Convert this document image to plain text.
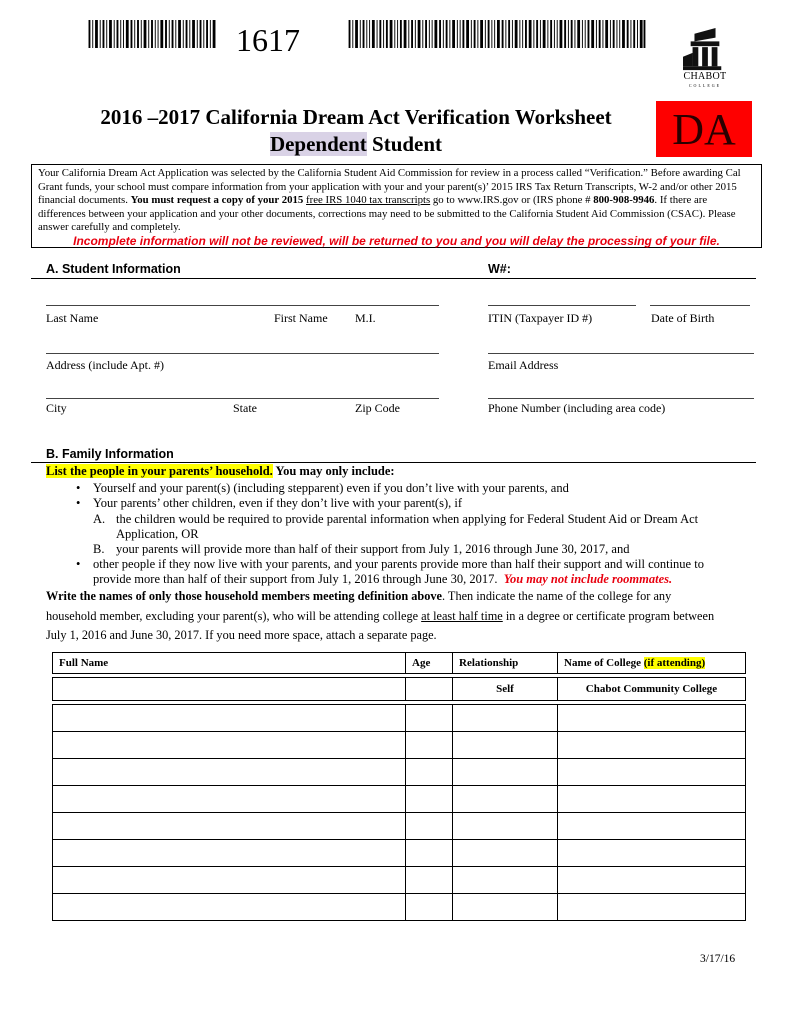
1617
CHABOT
COLLEGE
2016 –2017 California Dream Act Verification Worksheet
Dependent Student	DA
Your California Dream Act Application was selected by the California Student Aid Commission for review in a process called “Verification.” Before awarding Cal Grant funds, your school must compare information from your application with your and your parent(s)’ 2015 IRS Tax Return Transcripts, W-2 and/or other 2015 financial documents. You must request a copy of your 2015 free IRS 1040 tax transcripts go to www.IRS.gov or (IRS phone # 800-908-9946. If there are differences between your application and your other documents, corrections may need to be submitted to the California Student Aid Commission (CSAC). Please answer carefully and completely.
Incomplete information will not be reviewed, will be returned to you and you will delay the processing of your file.
A. Student Information	W#:
Last Name	First Name M.I.	ITIN (Taxpayer ID #)	Date of Birth
Address (include Apt. #)	Email Address
City	State	Zip Code	Phone Number (including area code)
B. Family Information
List the people in your parents’ household. You may only include:
• Yourself and your parent(s) (including stepparent) even if you don’t live with your parents, and
• Your parents’ other children, even if they don’t live with your parent(s), if
A. the children would be required to provide parental information when applying for Federal Student Aid or Dream Act
Application, OR
B. your parents will provide more than half of their support from July 1, 2016 through June 30, 2017, and
• other people if they now live with your parents, and your parents provide more than half their support and will continue to
provide more than half of their support from July 1, 2016 through June 30, 2017.  You may not include roommates.
Write the names of only those household members meeting definition above. Then indicate the name of the college for any
household member, excluding your parent(s), who will be attending college at least half time in a degree or certificate program between
July 1, 2016 and June 30, 2017. If you need more space, attach a separate page.
Full Name	Age	Relationship	Name of College (if attending)

		Self	Chabot Community College

3/17/16
